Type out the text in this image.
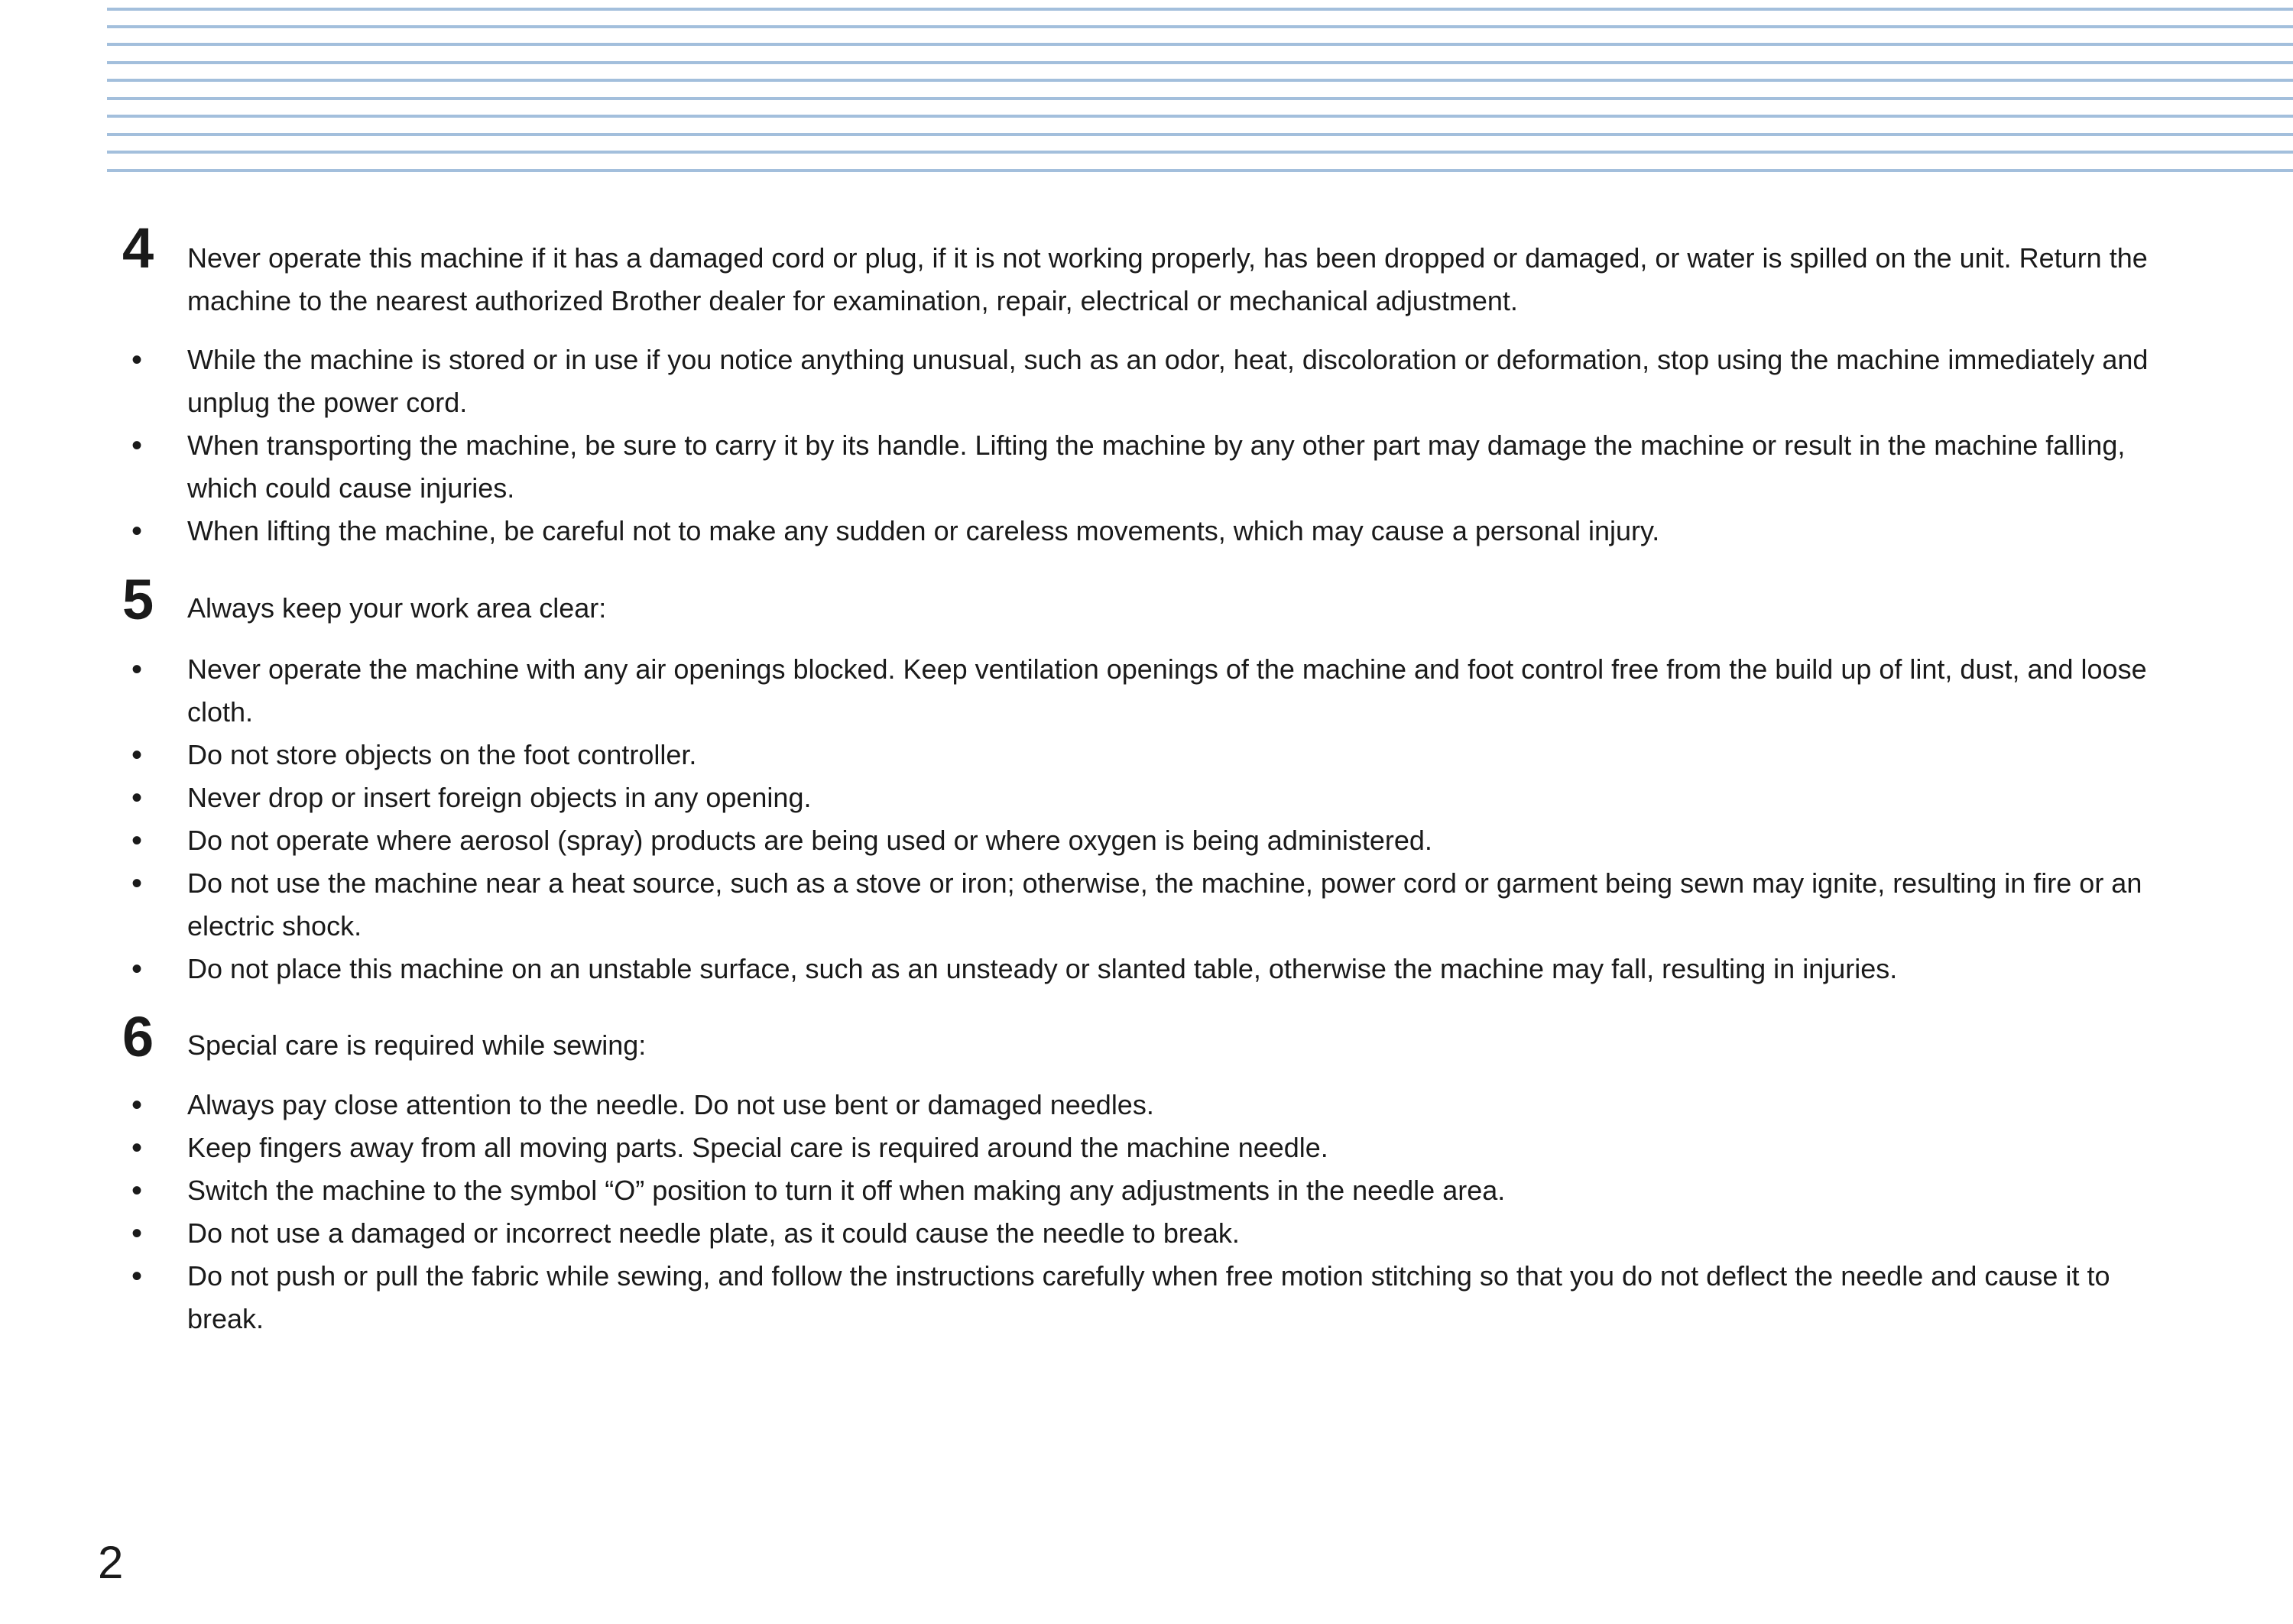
4 Never operate this machine if it has a damaged cord or plug, if it is not working properly, has been dropped or damaged, or water is spilled on the unit. Return the machine to the nearest authorized Brother dealer for examination, repair, electrical or mechanical adjustment.
• While the machine is stored or in use if you notice anything unusual, such as an odor, heat, discoloration or deformation, stop using the machine immediately and unplug the power cord.
• When transporting the machine, be sure to carry it by its handle. Lifting the machine by any other part may damage the machine or result in the machine falling, which could cause injuries.
• When lifting the machine, be careful not to make any sudden or careless movements, which may cause a personal injury.
5 Always keep your work area clear:
• Never operate the machine with any air openings blocked. Keep ventilation openings of the machine and foot control free from the build up of lint, dust, and loose cloth.
• Do not store objects on the foot controller.
• Never drop or insert foreign objects in any opening.
• Do not operate where aerosol (spray) products are being used or where oxygen is being administered.
• Do not use the machine near a heat source, such as a stove or iron; otherwise, the machine, power cord or garment being sewn may ignite, resulting in fire or an electric shock.
• Do not place this machine on an unstable surface, such as an unsteady or slanted table, otherwise the machine may fall, resulting in injuries.
6 Special care is required while sewing:
• Always pay close attention to the needle. Do not use bent or damaged needles.
• Keep fingers away from all moving parts. Special care is required around the machine needle.
• Switch the machine to the symbol “O” position to turn it off when making any adjustments in the needle area.
• Do not use a damaged or incorrect needle plate, as it could cause the needle to break.
• Do not push or pull the fabric while sewing, and follow the instructions carefully when free motion stitching so that you do not deflect the needle and cause it to break.
2
